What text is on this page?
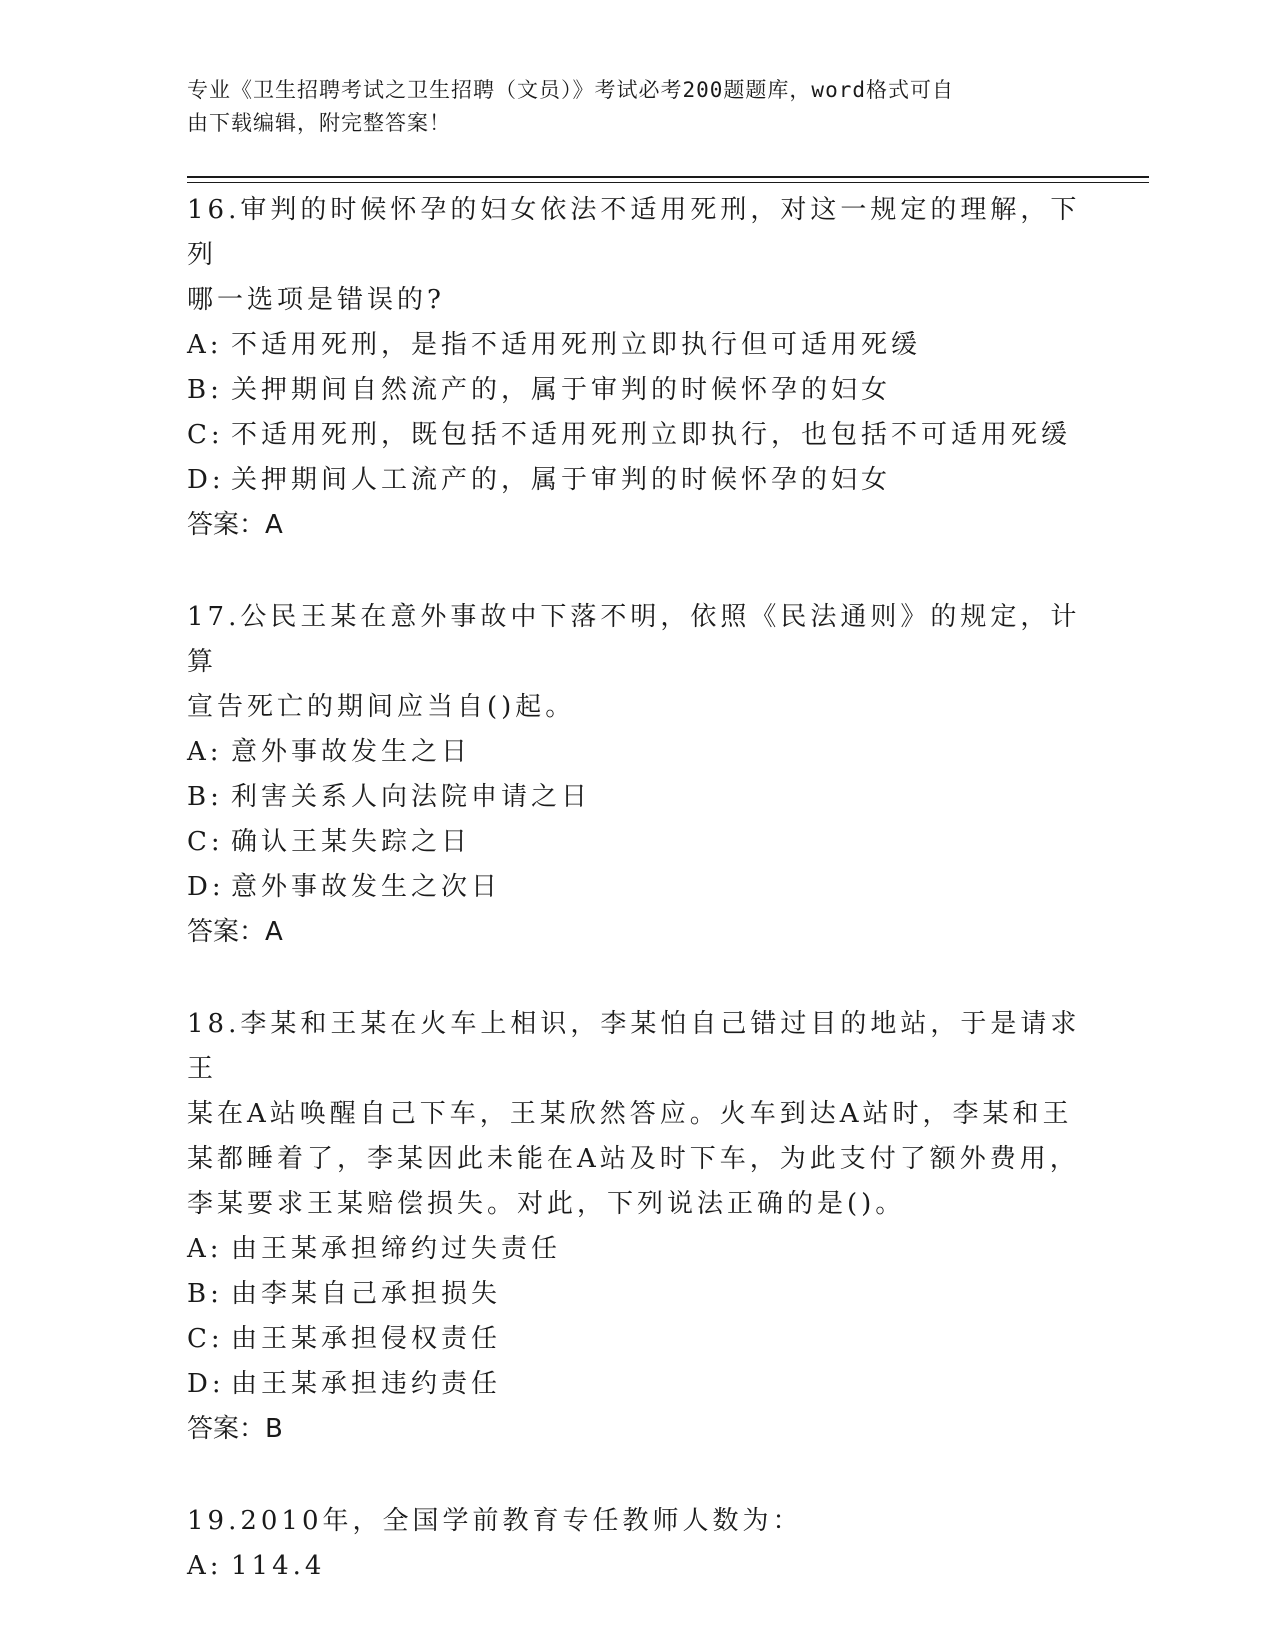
专业《卫生招聘考试之卫生招聘（文员）》考试必考200题题库，word格式可自
由下载编辑，附完整答案！

16.审判的时候怀孕的妇女依法不适用死刑，对这一规定的理解，下列

哪一选项是错误的?

A: 不适用死刑，是指不适用死刑立即执行但可适用死缓

B: 关押期间自然流产的，属于审判的时候怀孕的妇女

C: 不适用死刑，既包括不适用死刑立即执行，也包括不可适用死缓

D: 关押期间人工流产的，属于审判的时候怀孕的妇女

答案：A

17.公民王某在意外事故中下落不明，依照《民法通则》的规定，计算

宣告死亡的期间应当自()起。

A: 意外事故发生之日

B: 利害关系人向法院申请之日

C: 确认王某失踪之日

D: 意外事故发生之次日

答案：A

18.李某和王某在火车上相识，李某怕自己错过目的地站，于是请求王

某在A站唤醒自己下车，王某欣然答应。火车到达A站时，李某和王

某都睡着了，李某因此未能在A站及时下车，为此支付了额外费用，

李某要求王某赔偿损失。对此，下列说法正确的是()。

A: 由王某承担缔约过失责任

B: 由李某自己承担损失

C: 由王某承担侵权责任

D: 由王某承担违约责任

答案：B

19.2010年，全国学前教育专任教师人数为：

A: 114.4
